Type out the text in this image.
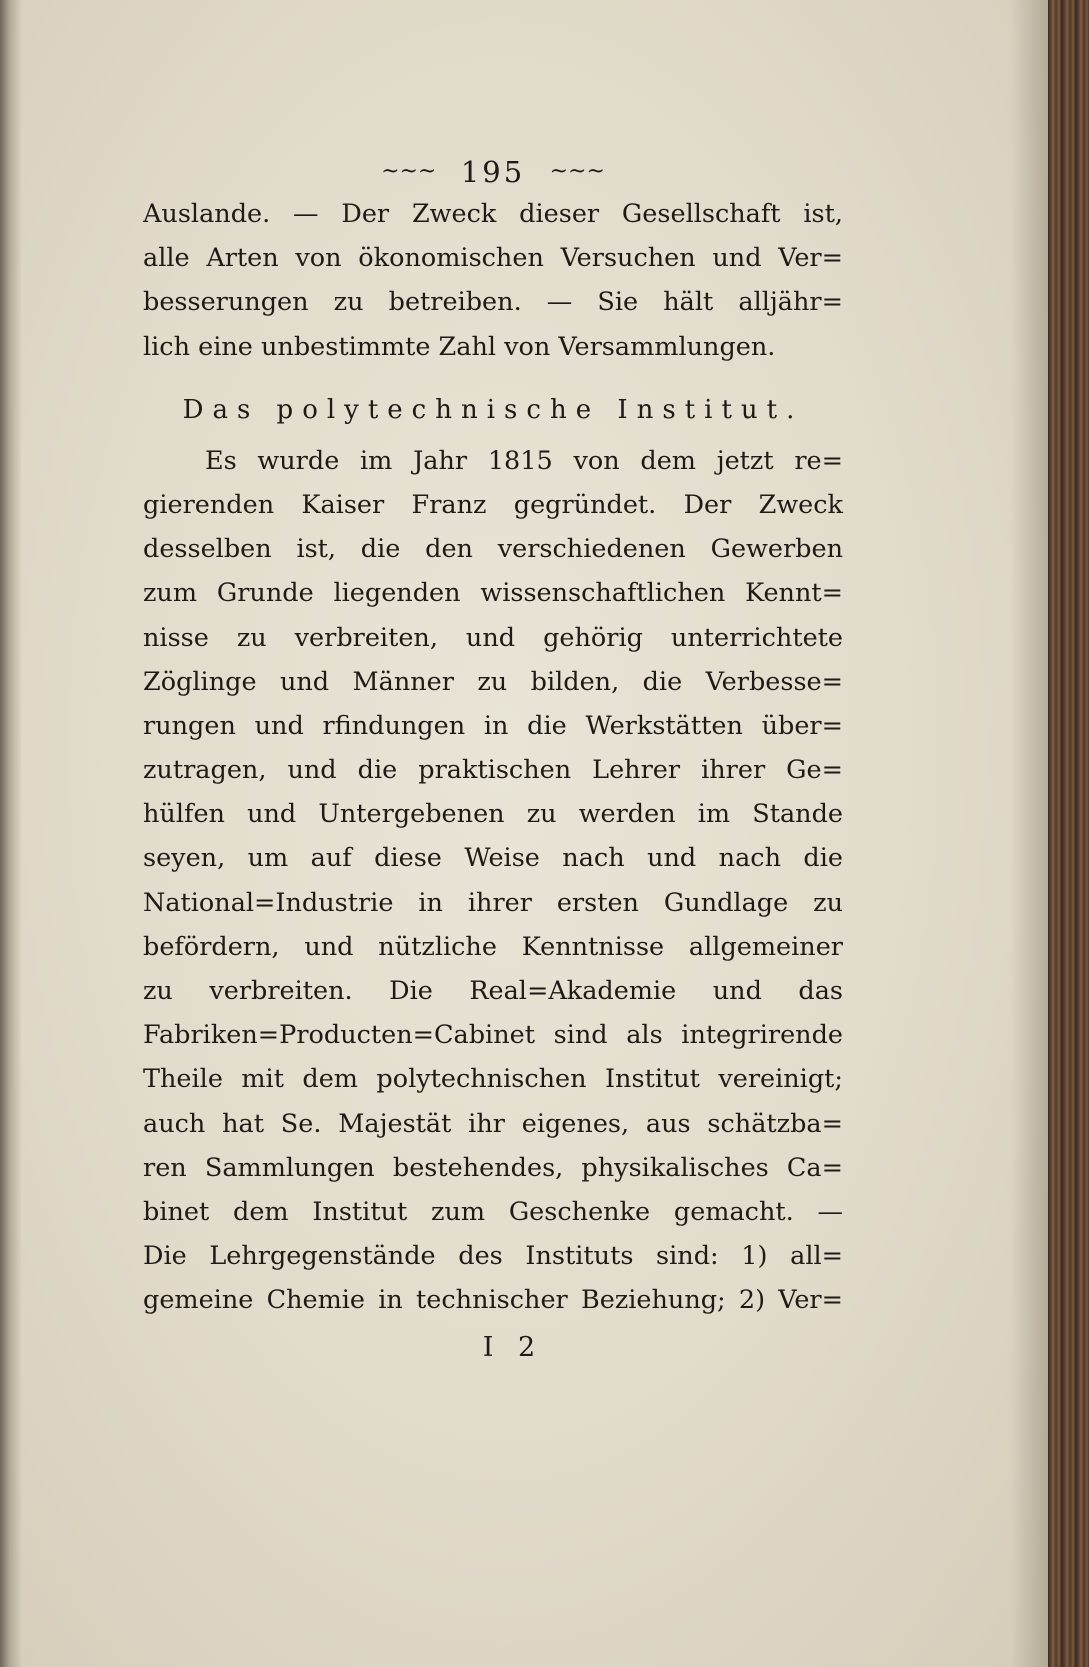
~~~ 195 ~~~
Auslande. — Der Zweck dieser Gesellschaft ist,
alle Arten von ökonomischen Versuchen und Ver=
besserungen zu betreiben. — Sie hält alljähr=
lich eine unbestimmte Zahl von Versammlungen.
Das polytechnische Institut.
Es wurde im Jahr 1815 von dem jetzt re=
gierenden Kaiser Franz gegründet. Der Zweck
desselben ist, die den verschiedenen Gewerben
zum Grunde liegenden wissenschaftlichen Kennt=
nisse zu verbreiten, und gehörig unterrichtete
Zöglinge und Männer zu bilden, die Verbesse=
rungen und rfindungen in die Werkstätten über=
zutragen, und die praktischen Lehrer ihrer Ge=
hülfen und Untergebenen zu werden im Stande
seyen, um auf diese Weise nach und nach die
National=Industrie in ihrer ersten Gundlage zu
befördern, und nützliche Kenntnisse allgemeiner
zu verbreiten. Die Real=Akademie und das
Fabriken=Producten=Cabinet sind als integrirende
Theile mit dem polytechnischen Institut vereinigt;
auch hat Se. Majestät ihr eigenes, aus schätzba=
ren Sammlungen bestehendes, physikalisches Ca=
binet dem Institut zum Geschenke gemacht. —
Die Lehrgegenstände des Instituts sind: 1) all=
gemeine Chemie in technischer Beziehung; 2) Ver=
I 2
